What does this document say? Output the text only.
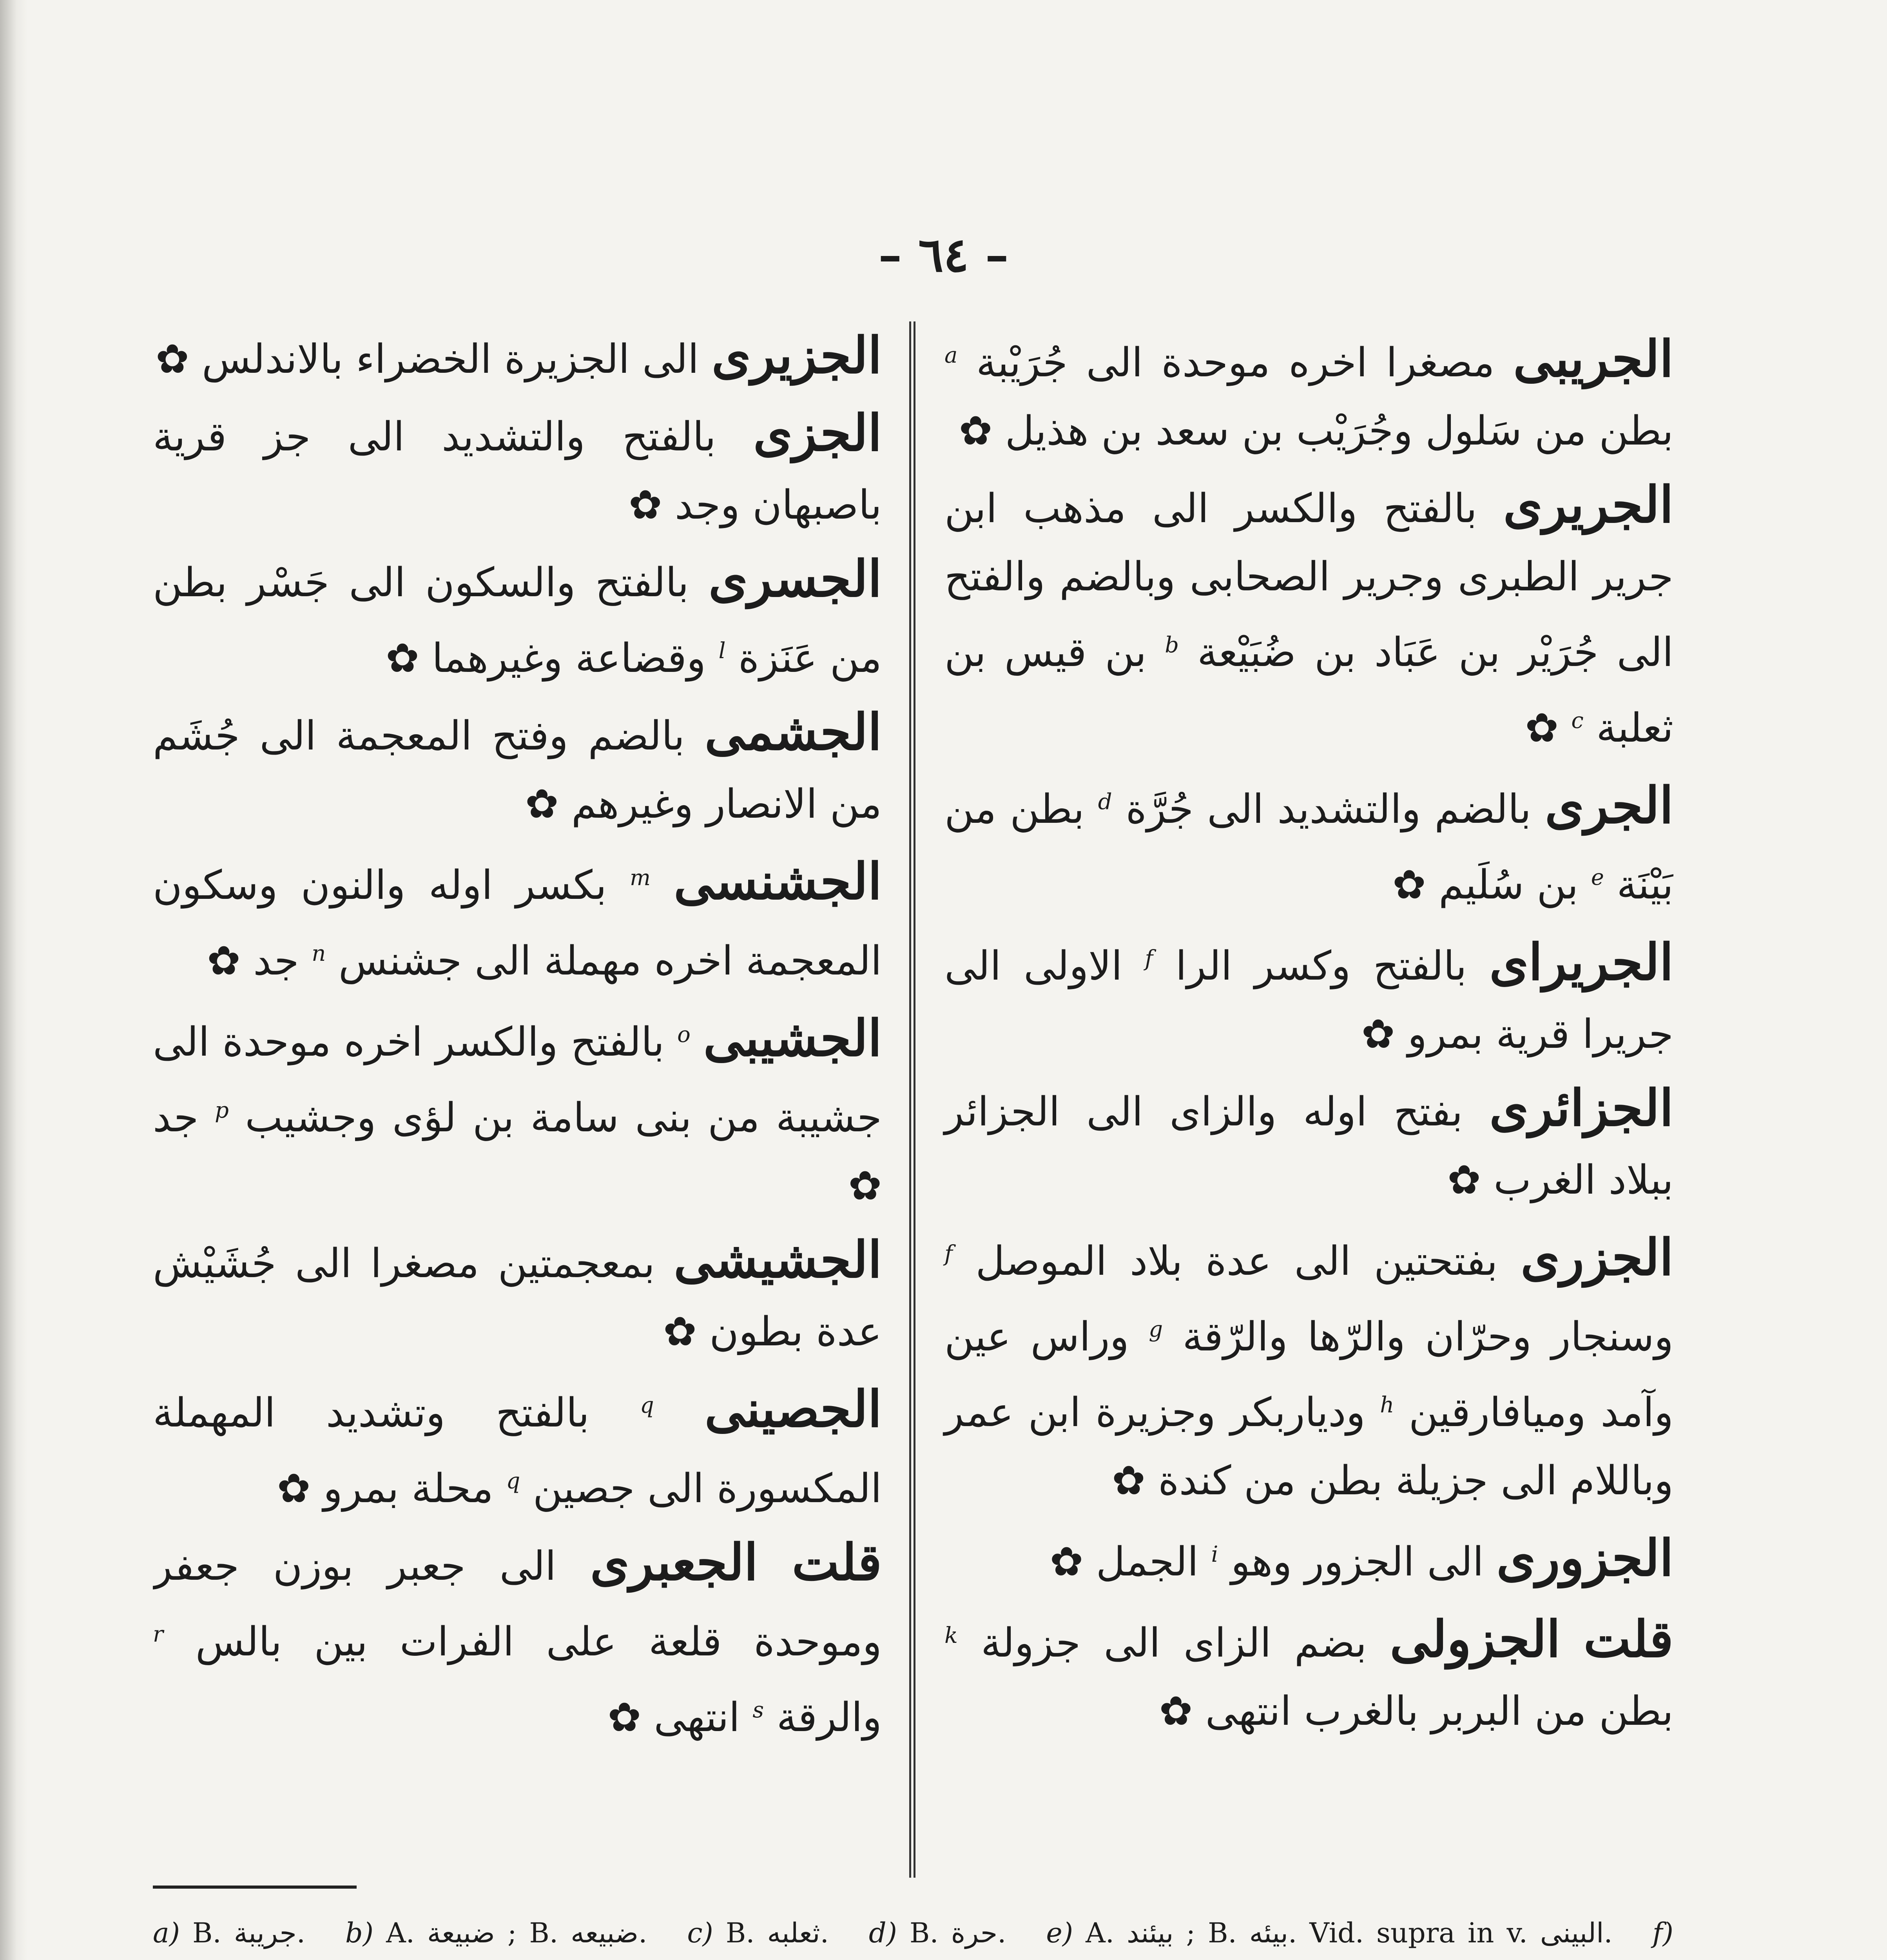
– ٦٤ –
الجريبى مصغرا اخره موحدة الى جُرَيْبة $^a$ بطن من سَلول وجُرَيْب بن سعد بن هذيل ✿
الجريرى بالفتح والكسر الى مذهب ابن جرير الطبرى وجرير الصحابى وبالضم والفتح الى جُرَيْر بن عَبَاد بن ضُبَيْعة $^b$ بن قيس بن ثعلبة $^c$ ✿
الجرى بالضم والتشديد الى جُرَّة $^d$ بطن من بَيْنَة $^e$ بن سُلَيم ✿
الجريراى بالفتح وكسر الرا $^f$ الاولى الى جريرا قرية بمرو ✿
الجزائرى بفتح اوله والزاى الى الجزائر ببلاد الغرب ✿
الجزرى بفتحتين الى عدة بلاد الموصل $^f$ وسنجار وحرّان والرّها والرّقة $^g$ وراس عين وآمد وميافارقين $^h$ ودياربكر وجزيرة ابن عمر وباللام الى جزيلة بطن من كندة ✿
الجزورى الى الجزور وهو $^i$ الجمل ✿
قلت الجزولى بضم الزاى الى جزولة $^k$ بطن من البربر بالغرب انتهى ✿
الجزيرى الى الجزيرة الخضراء بالاندلس ✿
الجزى بالفتح والتشديد الى جز قرية باصبهان وجد ✿
الجسرى بالفتح والسكون الى جَسْر بطن من عَنَزة $^l$ وقضاعة وغيرهما ✿
الجشمى بالضم وفتح المعجمة الى جُشَم من الانصار وغيرهم ✿
الجشنسى $^m$ بكسر اوله والنون وسكون المعجمة اخره مهملة الى جشنس $^n$ جد ✿
الجشيبى $^o$ بالفتح والكسر اخره موحدة الى جشيبة من بنى سامة بن لؤى وجشيب $^p$ جد ✿
الجشيشى بمعجمتين مصغرا الى جُشَيْش عدة بطون ✿
الجصينى $^q$ بالفتح وتشديد المهملة المكسورة الى جصين $^q$ محلة بمرو ✿
قلت الجعبرى الى جعبر بوزن جعفر وموحدة قلعة على الفرات بين بالس $^r$ والرقة $^s$ انتهى ✿
a) B. جريبة. b) A. ضبيعة ; B. ضبيعه. c) B. ثعلبه. d) B. حرة. e) A. بيئند ; B. بيئه. Vid. supra in v. البينى. f)
